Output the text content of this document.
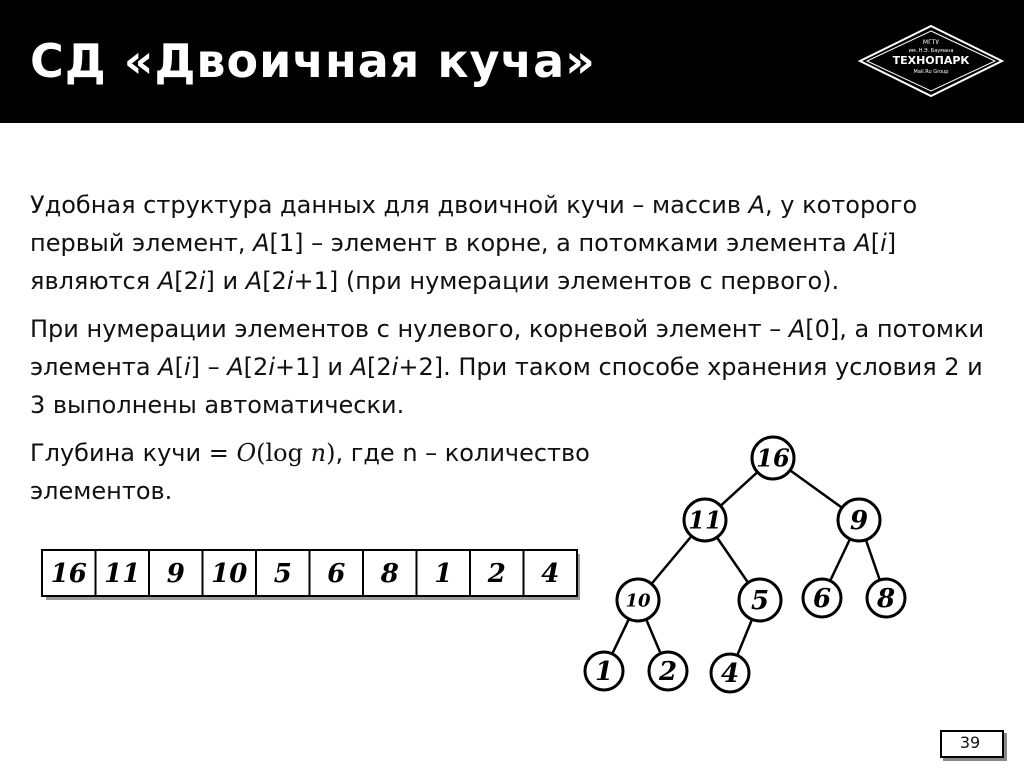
СД «Двоичная куча»	МГТУ
им. Н.Э. Баумана
ТЕХНОПАРК
Mail.Ru Group

Удобная структура данных для двоичной кучи – массив A, у которого первый элемент, A[1] – элемент в корне, а потомками элемента A[i] являются A[2i] и A[2i+1] (при нумерации элементов с первого).

При нумерации элементов с нулевого, корневой элемент – A[0], а потомки элемента A[i] – A[2i+1] и A[2i+2]. При таком способе хранения условия 2 и 3 выполнены автоматически.

Глубина кучи = O(log n), где n – количество элементов.

16 11 9 10 5 6 8 1 2 4
16
11	9
10	5 6 8
1 2 4
39
